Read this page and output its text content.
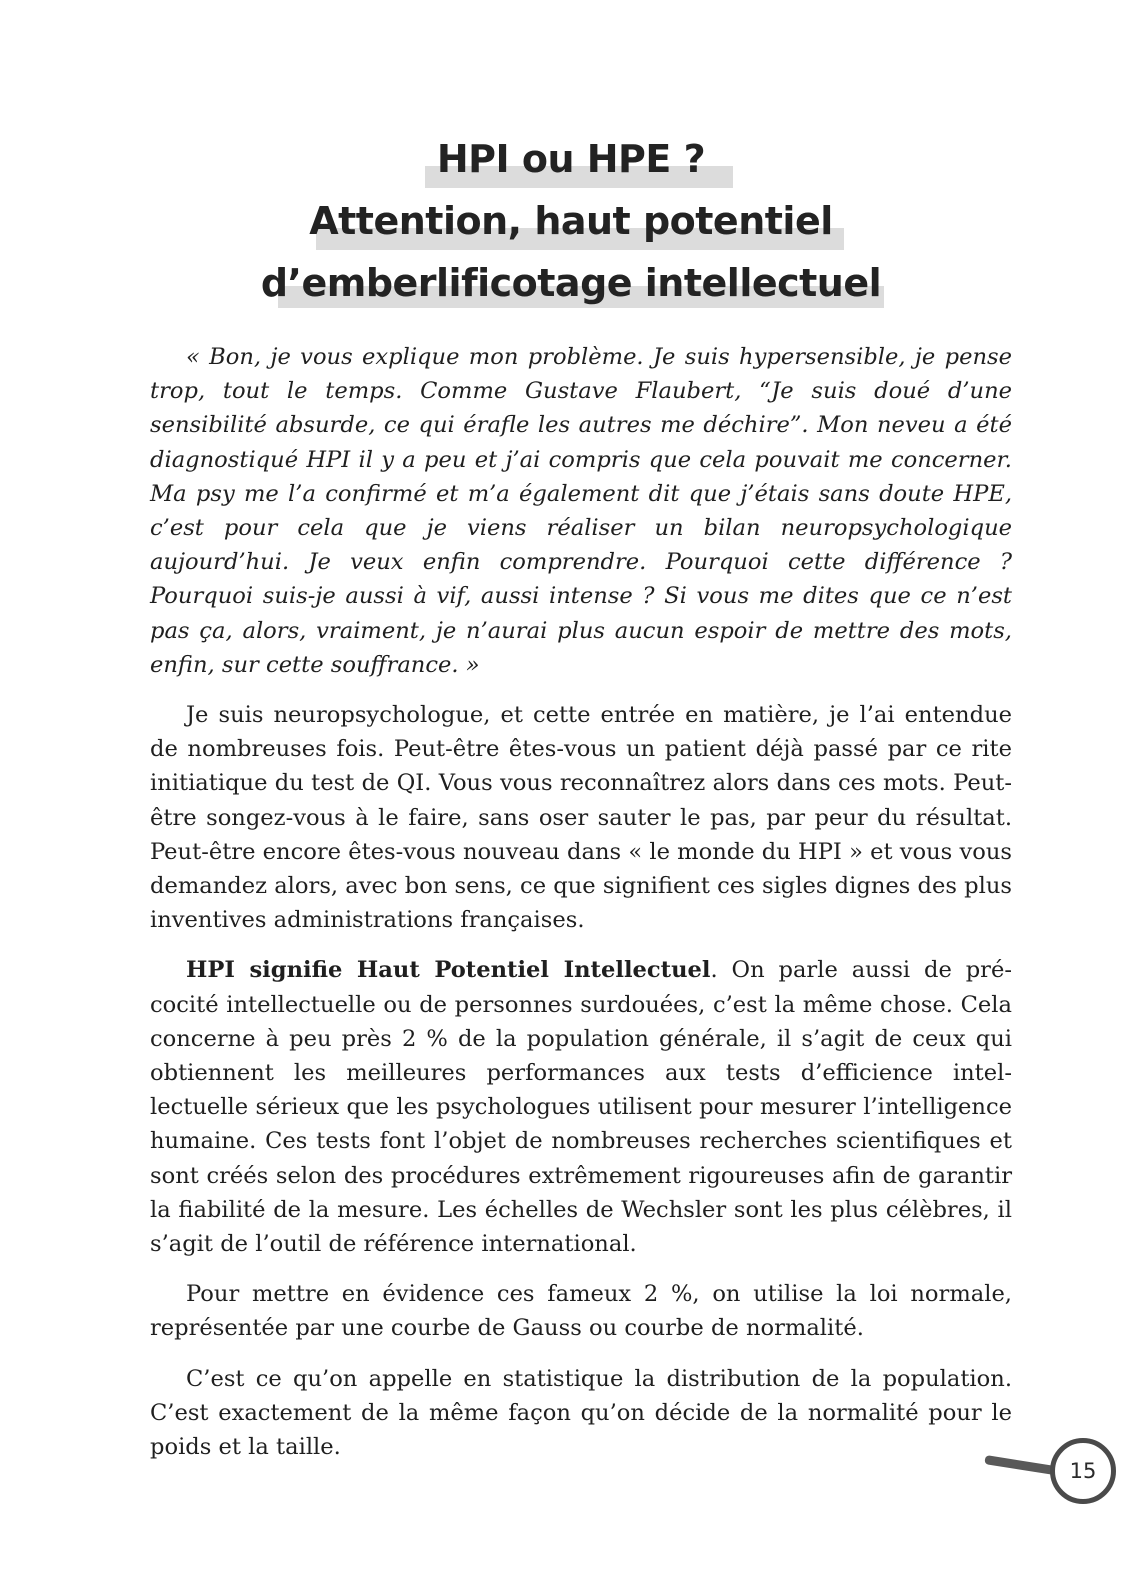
HPI ou HPE ?
Attention, haut potentiel
d’emberlificotage intellectuel

« Bon, je vous explique mon problème. Je suis hypersensible, je pense trop, tout le temps. Comme Gustave Flaubert, “Je suis doué d’une sensibilité absurde, ce qui érafle les autres me déchire”. Mon neveu a été diagnostiqué HPI il y a peu et j’ai compris que cela pouvait me concerner. Ma psy me l’a confirmé et m’a également dit que j’étais sans doute HPE, c’est pour cela que je viens réaliser un bilan neuropsychologique aujourd’hui. Je veux enfin comprendre. Pourquoi cette différence ? Pourquoi suis-je aussi à vif, aussi intense ? Si vous me dites que ce n’est pas ça, alors, vraiment, je n’aurai plus aucun espoir de mettre des mots, enfin, sur cette souffrance. »

Je suis neuropsychologue, et cette entrée en matière, je l’ai entendue de nombreuses fois. Peut-être êtes-vous un patient déjà passé par ce rite initiatique du test de QI. Vous vous reconnaîtrez alors dans ces mots. Peut-être songez-vous à le faire, sans oser sauter le pas, par peur du résultat. Peut-être encore êtes-vous nouveau dans « le monde du HPI » et vous vous demandez alors, avec bon sens, ce que signifient ces sigles dignes des plus inventives administrations françaises.

HPI signifie Haut Potentiel Intellectuel. On parle aussi de précocité intellectuelle ou de personnes surdouées, c’est la même chose. Cela concerne à peu près 2 % de la population générale, il s’agit de ceux qui obtiennent les meilleures performances aux tests d’efficience intellectuelle sérieux que les psychologues utilisent pour mesurer l’intelligence humaine. Ces tests font l’objet de nombreuses recherches scientifiques et sont créés selon des procédures extrêmement rigoureuses afin de garantir la fiabilité de la mesure. Les échelles de Wechsler sont les plus célèbres, il s’agit de l’outil de référence international.

Pour mettre en évidence ces fameux 2 %, on utilise la loi normale, représentée par une courbe de Gauss ou courbe de normalité.

C’est ce qu’on appelle en statistique la distribution de la population. C’est exactement de la même façon qu’on décide de la normalité pour le poids et la taille.

15
